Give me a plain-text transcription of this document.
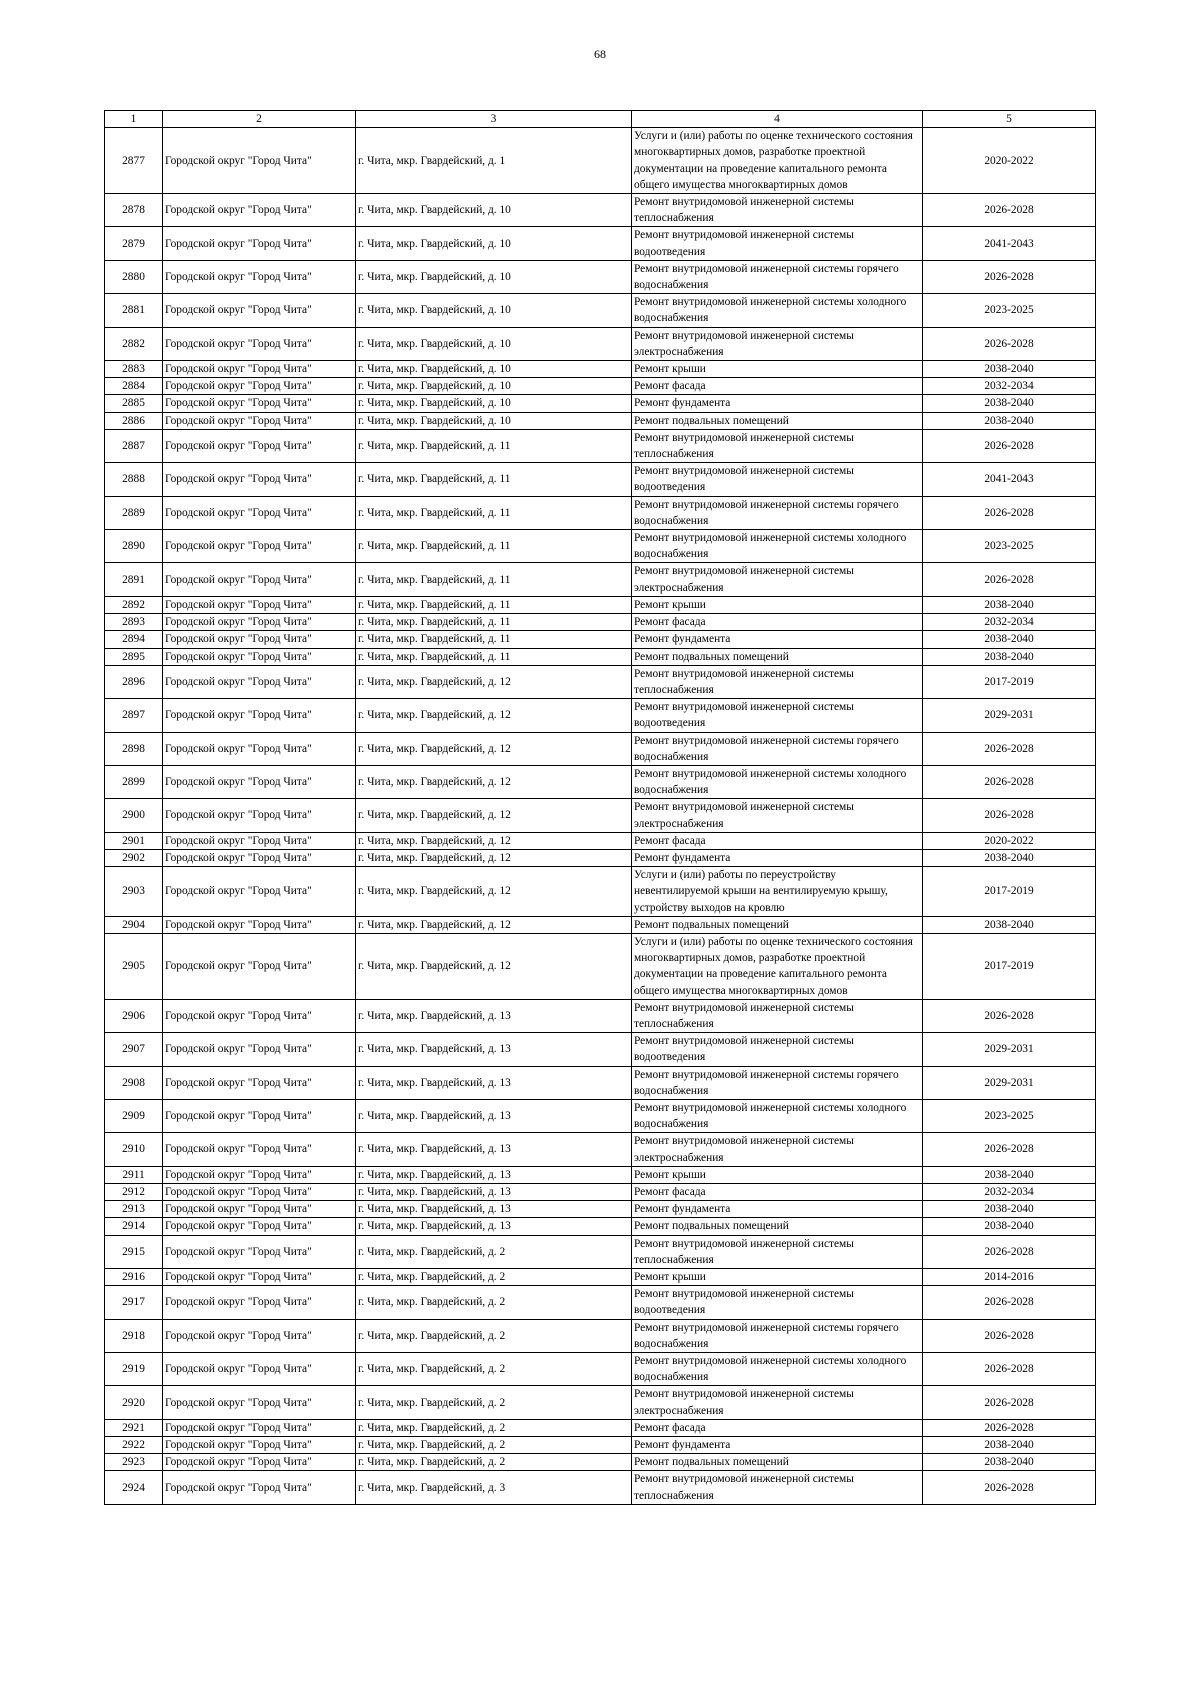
68
1	2	3	4	5
2877	Городской округ "Город Чита"	г. Чита, мкр. Гвардейский, д. 1	Услуги и (или) работы по оценке технического состояния многоквартирных домов, разработке проектной документации на проведение капитального ремонта общего имущества многоквартирных домов	2020-2022
2878	Городской округ "Город Чита"	г. Чита, мкр. Гвардейский, д. 10	Ремонт внутридомовой инженерной системы теплоснабжения	2026-2028
2879	Городской округ "Город Чита"	г. Чита, мкр. Гвардейский, д. 10	Ремонт внутридомовой инженерной системы водоотведения	2041-2043
2880	Городской округ "Город Чита"	г. Чита, мкр. Гвардейский, д. 10	Ремонт внутридомовой инженерной системы горячего водоснабжения	2026-2028
2881	Городской округ "Город Чита"	г. Чита, мкр. Гвардейский, д. 10	Ремонт внутридомовой инженерной системы холодного водоснабжения	2023-2025
2882	Городской округ "Город Чита"	г. Чита, мкр. Гвардейский, д. 10	Ремонт внутридомовой инженерной системы электроснабжения	2026-2028
2883	Городской округ "Город Чита"	г. Чита, мкр. Гвардейский, д. 10	Ремонт крыши	2038-2040
2884	Городской округ "Город Чита"	г. Чита, мкр. Гвардейский, д. 10	Ремонт фасада	2032-2034
2885	Городской округ "Город Чита"	г. Чита, мкр. Гвардейский, д. 10	Ремонт фундамента	2038-2040
2886	Городской округ "Город Чита"	г. Чита, мкр. Гвардейский, д. 10	Ремонт подвальных помещений	2038-2040
2887	Городской округ "Город Чита"	г. Чита, мкр. Гвардейский, д. 11	Ремонт внутридомовой инженерной системы теплоснабжения	2026-2028
2888	Городской округ "Город Чита"	г. Чита, мкр. Гвардейский, д. 11	Ремонт внутридомовой инженерной системы водоотведения	2041-2043
2889	Городской округ "Город Чита"	г. Чита, мкр. Гвардейский, д. 11	Ремонт внутридомовой инженерной системы горячего водоснабжения	2026-2028
2890	Городской округ "Город Чита"	г. Чита, мкр. Гвардейский, д. 11	Ремонт внутридомовой инженерной системы холодного водоснабжения	2023-2025
2891	Городской округ "Город Чита"	г. Чита, мкр. Гвардейский, д. 11	Ремонт внутридомовой инженерной системы электроснабжения	2026-2028
2892	Городской округ "Город Чита"	г. Чита, мкр. Гвардейский, д. 11	Ремонт крыши	2038-2040
2893	Городской округ "Город Чита"	г. Чита, мкр. Гвардейский, д. 11	Ремонт фасада	2032-2034
2894	Городской округ "Город Чита"	г. Чита, мкр. Гвардейский, д. 11	Ремонт фундамента	2038-2040
2895	Городской округ "Город Чита"	г. Чита, мкр. Гвардейский, д. 11	Ремонт подвальных помещений	2038-2040
2896	Городской округ "Город Чита"	г. Чита, мкр. Гвардейский, д. 12	Ремонт внутридомовой инженерной системы теплоснабжения	2017-2019
2897	Городской округ "Город Чита"	г. Чита, мкр. Гвардейский, д. 12	Ремонт внутридомовой инженерной системы водоотведения	2029-2031
2898	Городской округ "Город Чита"	г. Чита, мкр. Гвардейский, д. 12	Ремонт внутридомовой инженерной системы горячего водоснабжения	2026-2028
2899	Городской округ "Город Чита"	г. Чита, мкр. Гвардейский, д. 12	Ремонт внутридомовой инженерной системы холодного водоснабжения	2026-2028
2900	Городской округ "Город Чита"	г. Чита, мкр. Гвардейский, д. 12	Ремонт внутридомовой инженерной системы электроснабжения	2026-2028
2901	Городской округ "Город Чита"	г. Чита, мкр. Гвардейский, д. 12	Ремонт фасада	2020-2022
2902	Городской округ "Город Чита"	г. Чита, мкр. Гвардейский, д. 12	Ремонт фундамента	2038-2040
2903	Городской округ "Город Чита"	г. Чита, мкр. Гвардейский, д. 12	Услуги и (или) работы по переустройству невентилируемой крыши на вентилируемую крышу, устройству выходов на кровлю	2017-2019
2904	Городской округ "Город Чита"	г. Чита, мкр. Гвардейский, д. 12	Ремонт подвальных помещений	2038-2040
2905	Городской округ "Город Чита"	г. Чита, мкр. Гвардейский, д. 12	Услуги и (или) работы по оценке технического состояния многоквартирных домов, разработке проектной документации на проведение капитального ремонта общего имущества многоквартирных домов	2017-2019
2906	Городской округ "Город Чита"	г. Чита, мкр. Гвардейский, д. 13	Ремонт внутридомовой инженерной системы теплоснабжения	2026-2028
2907	Городской округ "Город Чита"	г. Чита, мкр. Гвардейский, д. 13	Ремонт внутридомовой инженерной системы водоотведения	2029-2031
2908	Городской округ "Город Чита"	г. Чита, мкр. Гвардейский, д. 13	Ремонт внутридомовой инженерной системы горячего водоснабжения	2029-2031
2909	Городской округ "Город Чита"	г. Чита, мкр. Гвардейский, д. 13	Ремонт внутридомовой инженерной системы холодного водоснабжения	2023-2025
2910	Городской округ "Город Чита"	г. Чита, мкр. Гвардейский, д. 13	Ремонт внутридомовой инженерной системы электроснабжения	2026-2028
2911	Городской округ "Город Чита"	г. Чита, мкр. Гвардейский, д. 13	Ремонт крыши	2038-2040
2912	Городской округ "Город Чита"	г. Чита, мкр. Гвардейский, д. 13	Ремонт фасада	2032-2034
2913	Городской округ "Город Чита"	г. Чита, мкр. Гвардейский, д. 13	Ремонт фундамента	2038-2040
2914	Городской округ "Город Чита"	г. Чита, мкр. Гвардейский, д. 13	Ремонт подвальных помещений	2038-2040
2915	Городской округ "Город Чита"	г. Чита, мкр. Гвардейский, д. 2	Ремонт внутридомовой инженерной системы теплоснабжения	2026-2028
2916	Городской округ "Город Чита"	г. Чита, мкр. Гвардейский, д. 2	Ремонт крыши	2014-2016
2917	Городской округ "Город Чита"	г. Чита, мкр. Гвардейский, д. 2	Ремонт внутридомовой инженерной системы водоотведения	2026-2028
2918	Городской округ "Город Чита"	г. Чита, мкр. Гвардейский, д. 2	Ремонт внутридомовой инженерной системы горячего водоснабжения	2026-2028
2919	Городской округ "Город Чита"	г. Чита, мкр. Гвардейский, д. 2	Ремонт внутридомовой инженерной системы холодного водоснабжения	2026-2028
2920	Городской округ "Город Чита"	г. Чита, мкр. Гвардейский, д. 2	Ремонт внутридомовой инженерной системы электроснабжения	2026-2028
2921	Городской округ "Город Чита"	г. Чита, мкр. Гвардейский, д. 2	Ремонт фасада	2026-2028
2922	Городской округ "Город Чита"	г. Чита, мкр. Гвардейский, д. 2	Ремонт фундамента	2038-2040
2923	Городской округ "Город Чита"	г. Чита, мкр. Гвардейский, д. 2	Ремонт подвальных помещений	2038-2040
2924	Городской округ "Город Чита"	г. Чита, мкр. Гвардейский, д. 3	Ремонт внутридомовой инженерной системы теплоснабжения	2026-2028
